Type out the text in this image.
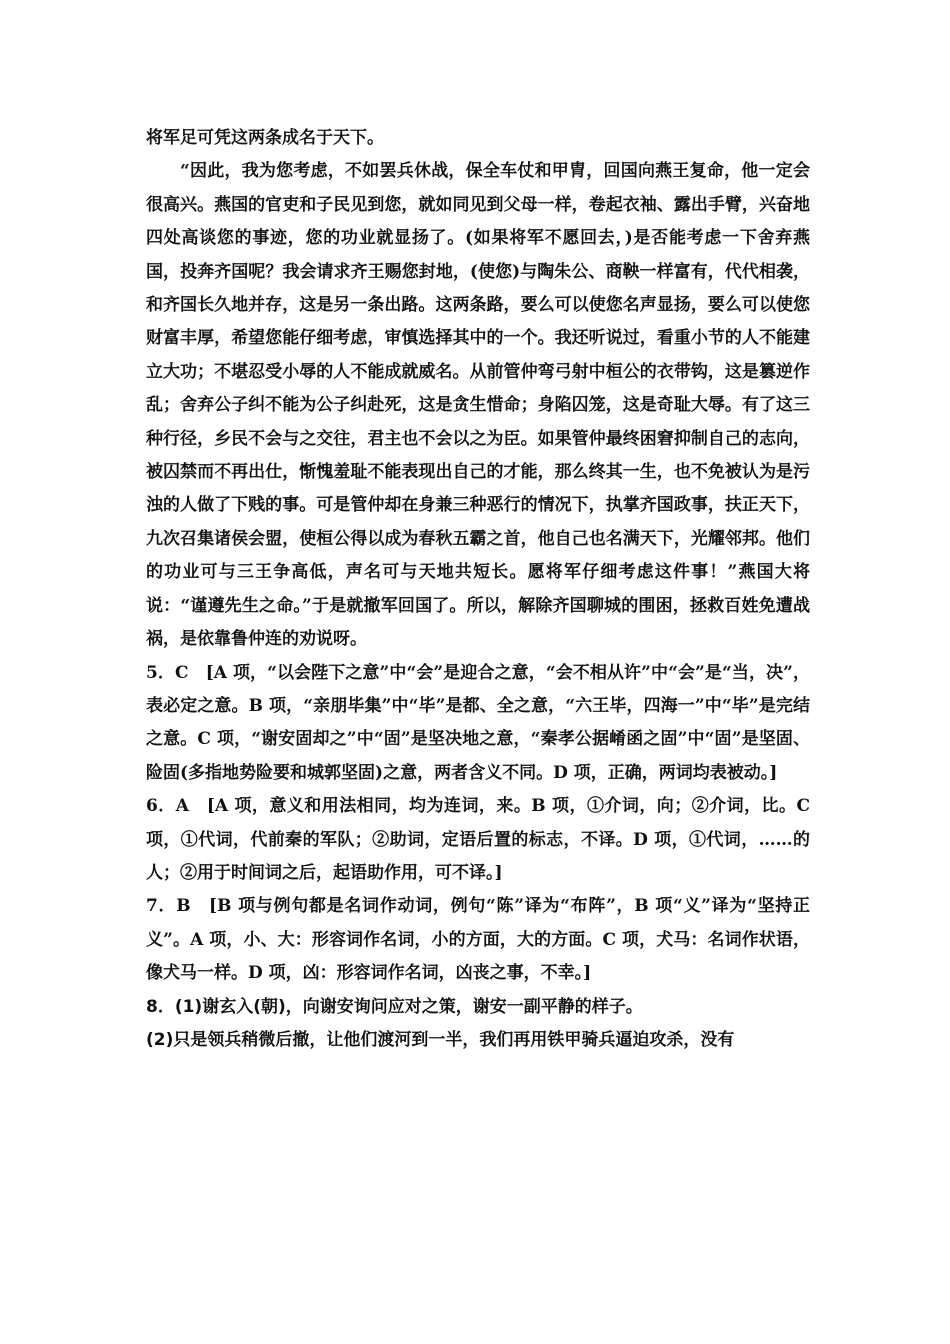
将军足可凭这两条成名于天下。

“因此，我为您考虑，不如罢兵休战，保全车仗和甲胄，回国向燕王复命，他一定会很高兴。燕国的官吏和子民见到您，就如同见到父母一样，卷起衣袖、露出手臂，兴奋地四处高谈您的事迹，您的功业就显扬了。(如果将军不愿回去，)是否能考虑一下舍弃燕国，投奔齐国呢？我会请求齐王赐您封地，(使您)与陶朱公、商鞅一样富有，代代相袭，和齐国长久地并存，这是另一条出路。这两条路，要么可以使您名声显扬，要么可以使您财富丰厚，希望您能仔细考虑，审慎选择其中的一个。我还听说过，看重小节的人不能建立大功；不堪忍受小辱的人不能成就威名。从前管仲弯弓射中桓公的衣带钩，这是篡逆作乱；舍弃公子纠不能为公子纠赴死，这是贪生惜命；身陷囚笼，这是奇耻大辱。有了这三种行径，乡民不会与之交往，君主也不会以之为臣。如果管仲最终困窘抑制自己的志向，被囚禁而不再出仕，惭愧羞耻不能表现出自己的才能，那么终其一生，也不免被认为是污浊的人做了下贱的事。可是管仲却在身兼三种恶行的情况下，执掌齐国政事，扶正天下，九次召集诸侯会盟，使桓公得以成为春秋五霸之首，他自己也名满天下，光耀邻邦。他们的功业可与三王争高低，声名可与天地共短长。愿将军仔细考虑这件事！”燕国大将说：“谨遵先生之命。”于是就撤军回国了。所以，解除齐国聊城的围困，拯救百姓免遭战祸，是依靠鲁仲连的劝说呀。

5．C　[A 项，“以会陛下之意”中“会”是迎合之意，“会不相从许”中“会”是“当，决”，表必定之意。B 项，“亲朋毕集”中“毕”是都、全之意，“六王毕，四海一”中“毕”是完结之意。C 项，“谢安固却之”中“固”是坚决地之意，“秦孝公据崤函之固”中“固”是坚固、险固(多指地势险要和城郭坚固)之意，两者含义不同。D 项，正确，两词均表被动。]

6．A　[A 项，意义和用法相同，均为连词，来。B 项，①介词，向；②介词，比。C 项，①代词，代前秦的军队；②助词，定语后置的标志，不译。D 项，①代词，……的人；②用于时间词之后，起语助作用，可不译。]

7．B　[B 项与例句都是名词作动词，例句“陈”译为“布阵”，B 项“义”译为“坚持正义”。A 项，小、大：形容词作名词，小的方面，大的方面。C 项，犬马：名词作状语，像犬马一样。D 项，凶：形容词作名词，凶丧之事，不幸。]

8．(1)谢玄入(朝)，向谢安询问应对之策，谢安一副平静的样子。

(2)只是领兵稍微后撤，让他们渡河到一半，我们再用铁甲骑兵逼迫攻杀，没有
